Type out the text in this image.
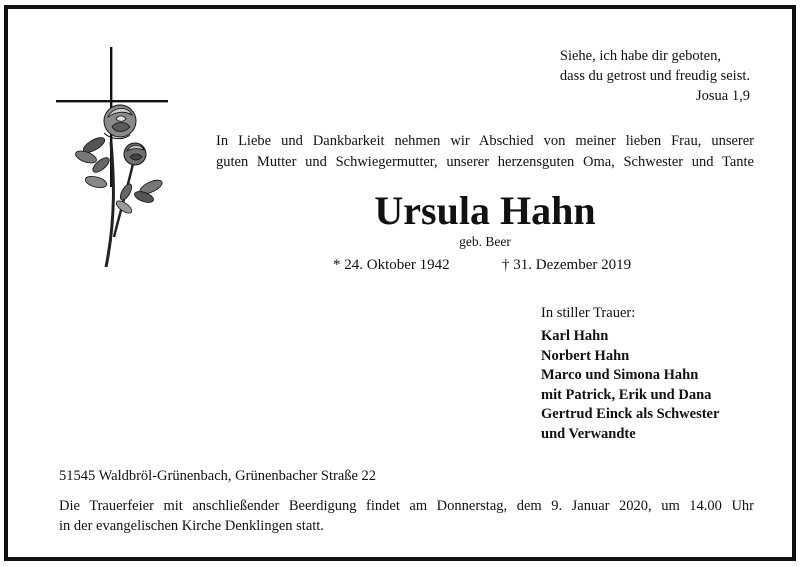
Siehe, ich habe dir geboten,
dass du getrost und freudig seist.
Josua 1,9
In Liebe und Dankbarkeit nehmen wir Abschied von meiner lieben Frau, unserer
guten Mutter und Schwiegermutter, unserer herzensguten Oma, Schwester und Tante
Ursula Hahn
geb. Beer
* 24. Oktober 1942	† 31. Dezember 2019
In stiller Trauer:
Karl Hahn
Norbert Hahn
Marco und Simona Hahn
mit Patrick, Erik und Dana
Gertrud Einck als Schwester
und Verwandte
51545 Waldbröl-Grünenbach, Grünenbacher Straße 22
Die Trauerfeier mit anschließender Beerdigung findet am Donnerstag, dem 9. Januar 2020, um 14.00 Uhr
in der evangelischen Kirche Denklingen statt.
